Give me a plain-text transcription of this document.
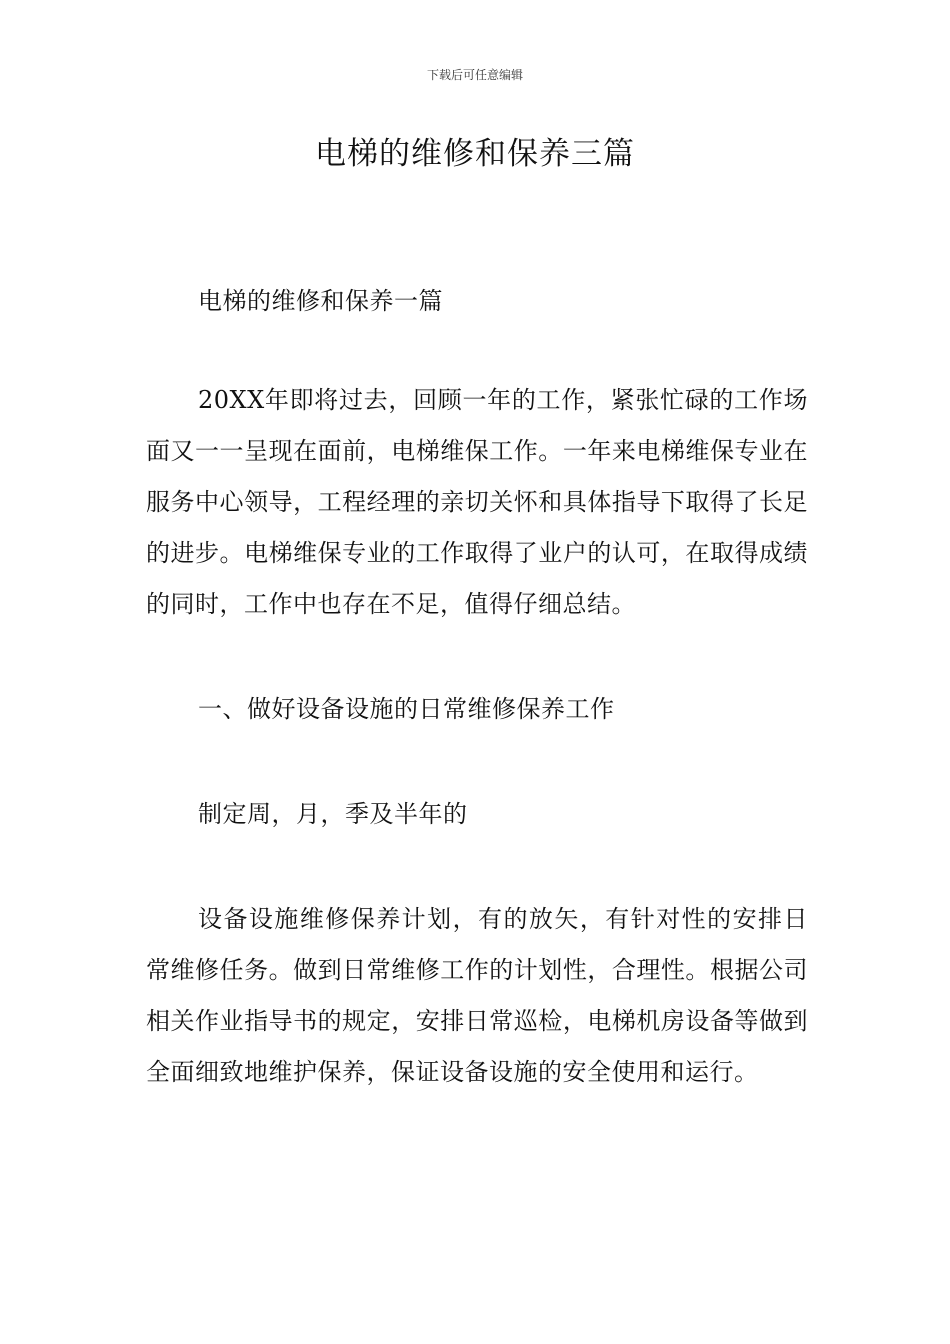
下载后可任意编辑
电梯的维修和保养三篇

电梯的维修和保养一篇

20XX年即将过去，回顾一年的工作，紧张忙碌的工作场面又一一呈现在面前，电梯维保工作。一年来电梯维保专业在服务中心领导，工程经理的亲切关怀和具体指导下取得了长足的进步。电梯维保专业的工作取得了业户的认可，在取得成绩的同时，工作中也存在不足，值得仔细总结。

一、做好设备设施的日常维修保养工作

制定周，月，季及半年的

设备设施维修保养计划，有的放矢，有针对性的安排日常维修任务。做到日常维修工作的计划性，合理性。根据公司相关作业指导书的规定，安排日常巡检，电梯机房设备等做到全面细致地维护保养，保证设备设施的安全使用和运行。
